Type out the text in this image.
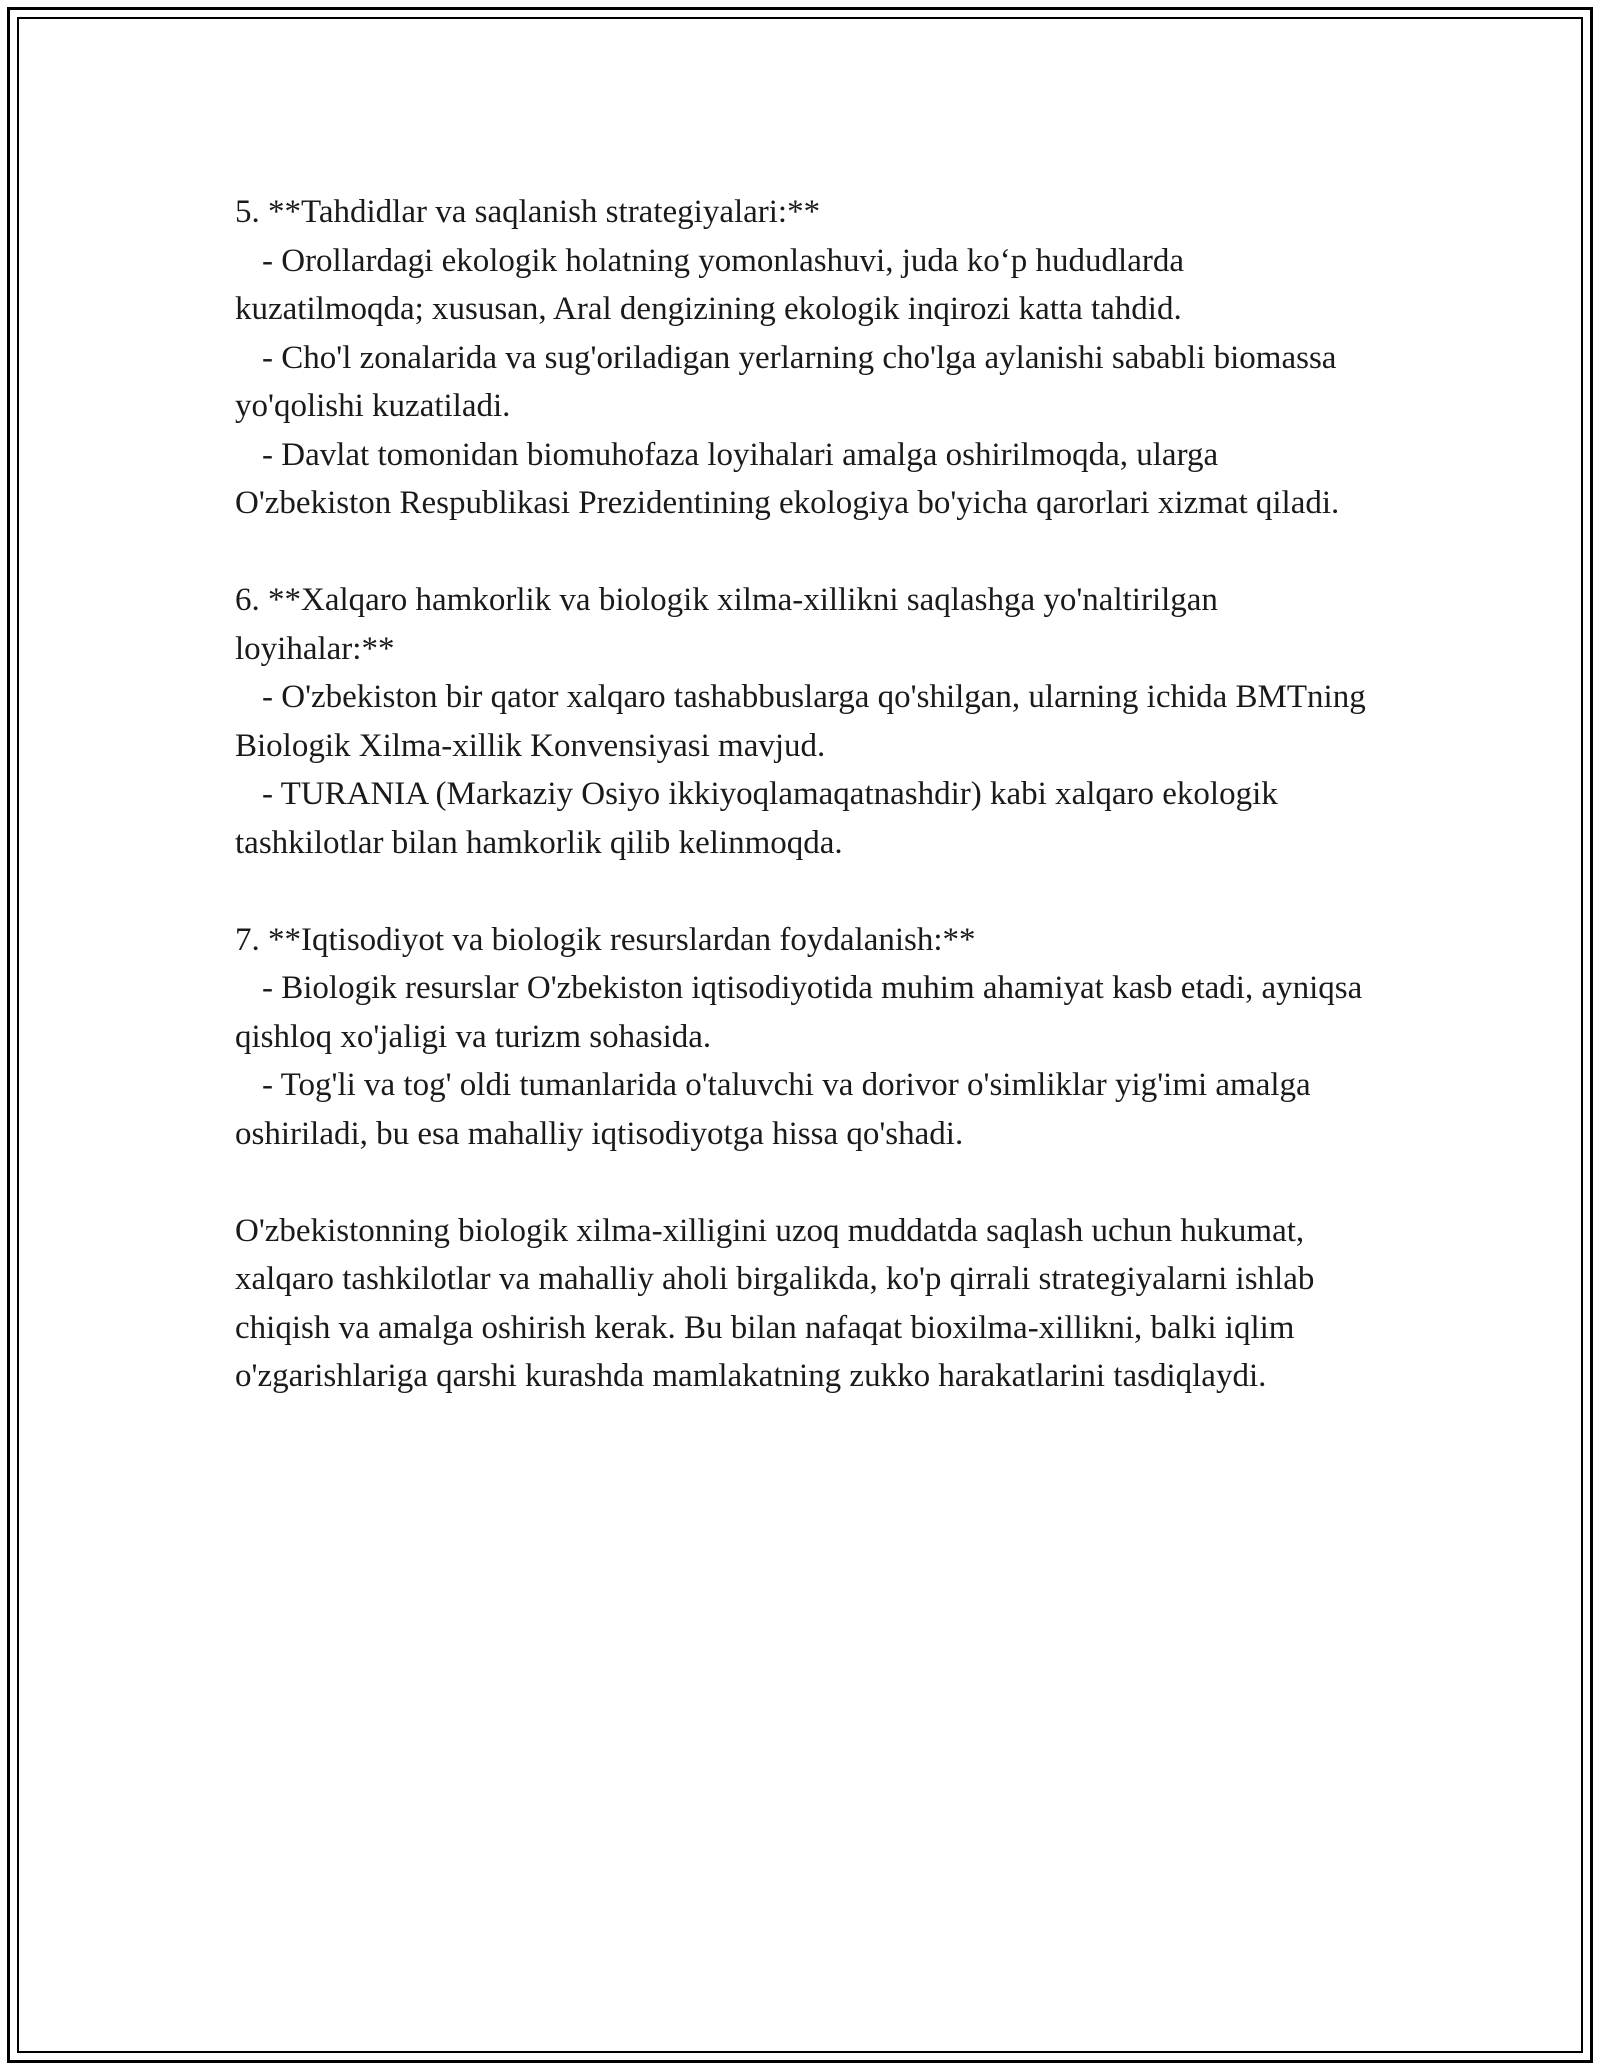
5. **Tahdidlar va saqlanish strategiyalari:**
- Orollardagi ekologik holatning yomonlashuvi, juda ko‘p hududlarda kuzatilmoqda; xususan, Aral dengizining ekologik inqirozi katta tahdid.
- Cho'l zonalarida va sug'oriladigan yerlarning cho'lga aylanishi sababli biomassa yo'qolishi kuzatiladi.
- Davlat tomonidan biomuhofaza loyihalari amalga oshirilmoqda, ularga O'zbekiston Respublikasi Prezidentining ekologiya bo'yicha qarorlari xizmat qiladi.
6. **Xalqaro hamkorlik va biologik xilma-xillikni saqlashga yo'naltirilgan loyihalar:**
- O'zbekiston bir qator xalqaro tashabbuslarga qo'shilgan, ularning ichida BMTning Biologik Xilma-xillik Konvensiyasi mavjud.
- TURANIA (Markaziy Osiyo ikkiyoqlamaqatnashdir) kabi xalqaro ekologik tashkilotlar bilan hamkorlik qilib kelinmoqda.
7. **Iqtisodiyot va biologik resurslardan foydalanish:**
- Biologik resurslar O'zbekiston iqtisodiyotida muhim ahamiyat kasb etadi, ayniqsa qishloq xo'jaligi va turizm sohasida.
- Tog'li va tog' oldi tumanlarida o'taluvchi va dorivor o'simliklar yig'imi amalga oshiriladi, bu esa mahalliy iqtisodiyotga hissa qo'shadi.
O'zbekistonning biologik xilma-xilligini uzoq muddatda saqlash uchun hukumat, xalqaro tashkilotlar va mahalliy aholi birgalikda, ko'p qirrali strategiyalarni ishlab chiqish va amalga oshirish kerak. Bu bilan nafaqat bioxilma-xillikni, balki iqlim o'zgarishlariga qarshi kurashda mamlakatning zukko harakatlarini tasdiqlaydi.
